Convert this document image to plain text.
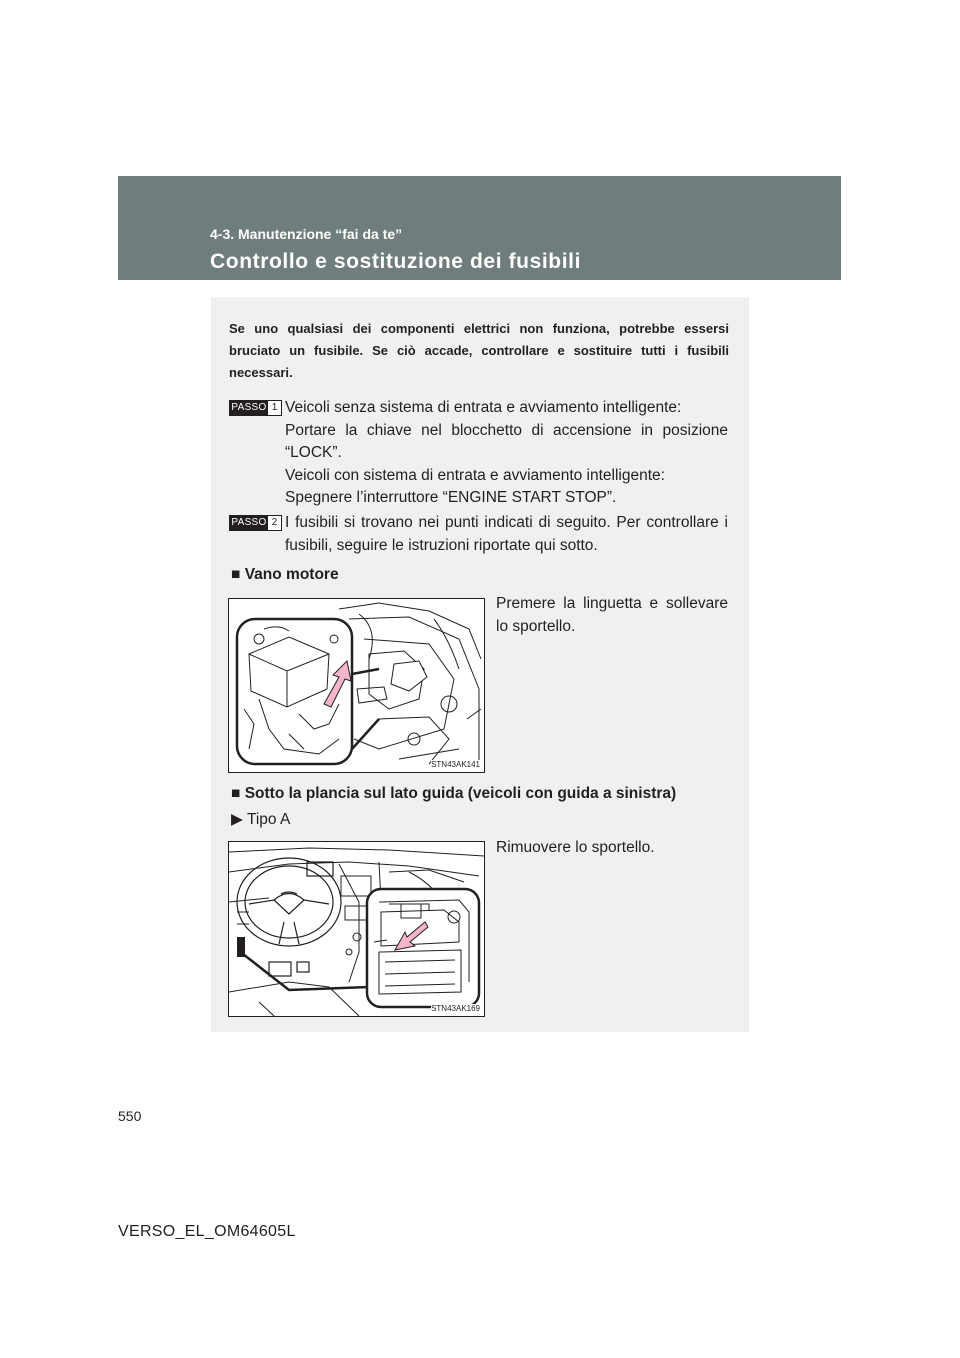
4-3. Manutenzione “fai da te”
Controllo e sostituzione dei fusibili
Se uno qualsiasi dei componenti elettrici non funziona, potrebbe essersi bruciato un fusibile. Se ciò accade, controllare e sostituire tutti i fusibili necessari.
PASSO 1 Veicoli senza sistema di entrata e avviamento intelligente:

Portare la chiave nel blocchetto di accensione in posizione “LOCK”.

Veicoli con sistema di entrata e avviamento intelligente:

Spegnere l’interruttore “ENGINE START STOP”.

PASSO 2 I fusibili si trovano nei punti indicati di seguito. Per controllare i fusibili, seguire le istruzioni riportate qui sotto.
■ Vano motore
STN43AK141
Premere la linguetta e sollevare lo sportello.
■ Sotto la plancia sul lato guida (veicoli con guida a sinistra)
▶ Tipo A
STN43AK169
Rimuovere lo sportello.
550
VERSO_EL_OM64605L
